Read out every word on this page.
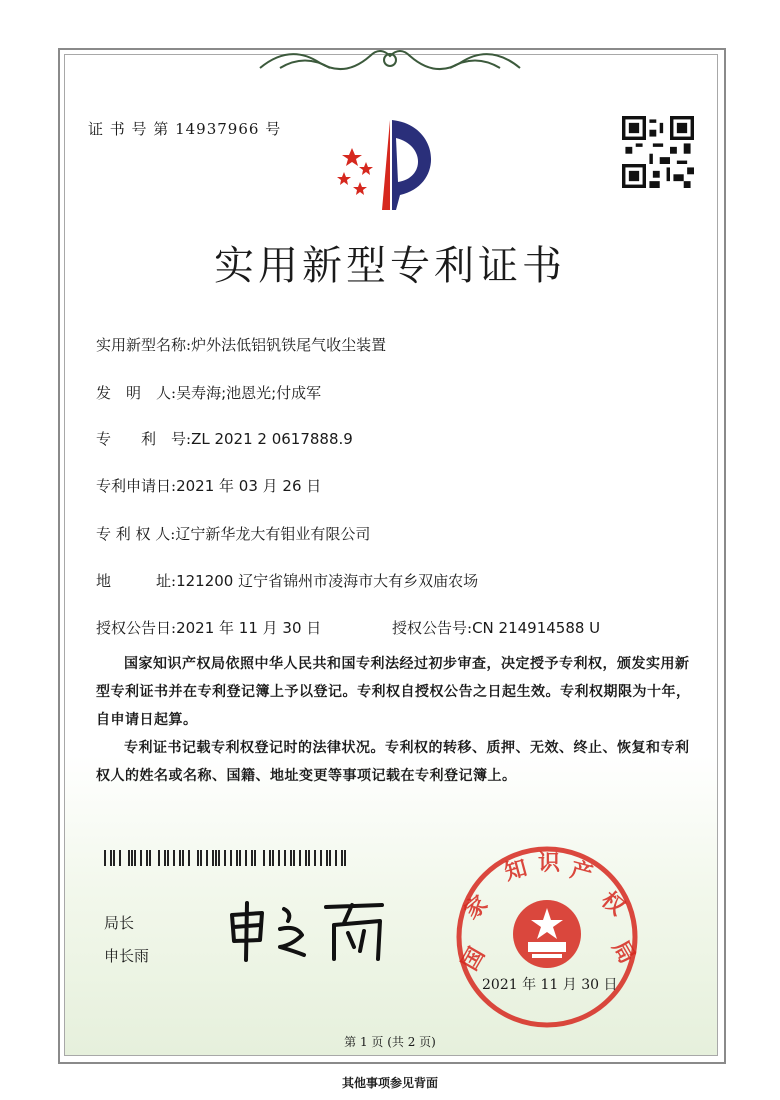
证 书 号 第 14937966 号
实用新型专利证书
实用新型名称:炉外法低铝钒铁尾气收尘装置
发　明　人:吴寿海;池恩光;付成军
专　　利　号:ZL 2021 2 0617888.9
专利申请日:2021 年 03 月 26 日
专 利 权 人:辽宁新华龙大有钼业有限公司
地　　　址:121200 辽宁省锦州市凌海市大有乡双庙农场
授权公告日:2021 年 11 月 30 日	授权公告号:CN 214914588 U
国家知识产权局依照中华人民共和国专利法经过初步审查，决定授予专利权，颁发实用新型专利证书并在专利登记簿上予以登记。专利权自授权公告之日起生效。专利权期限为十年，自申请日起算。
专利证书记载专利权登记时的法律状况。专利权的转移、质押、无效、终止、恢复和专利权人的姓名或名称、国籍、地址变更等事项记载在专利登记簿上。
局长
申长雨	国
家
知 识 产
权
局
2021 年 11 月 30 日
第 1 页 (共 2 页)
其他事项参见背面
